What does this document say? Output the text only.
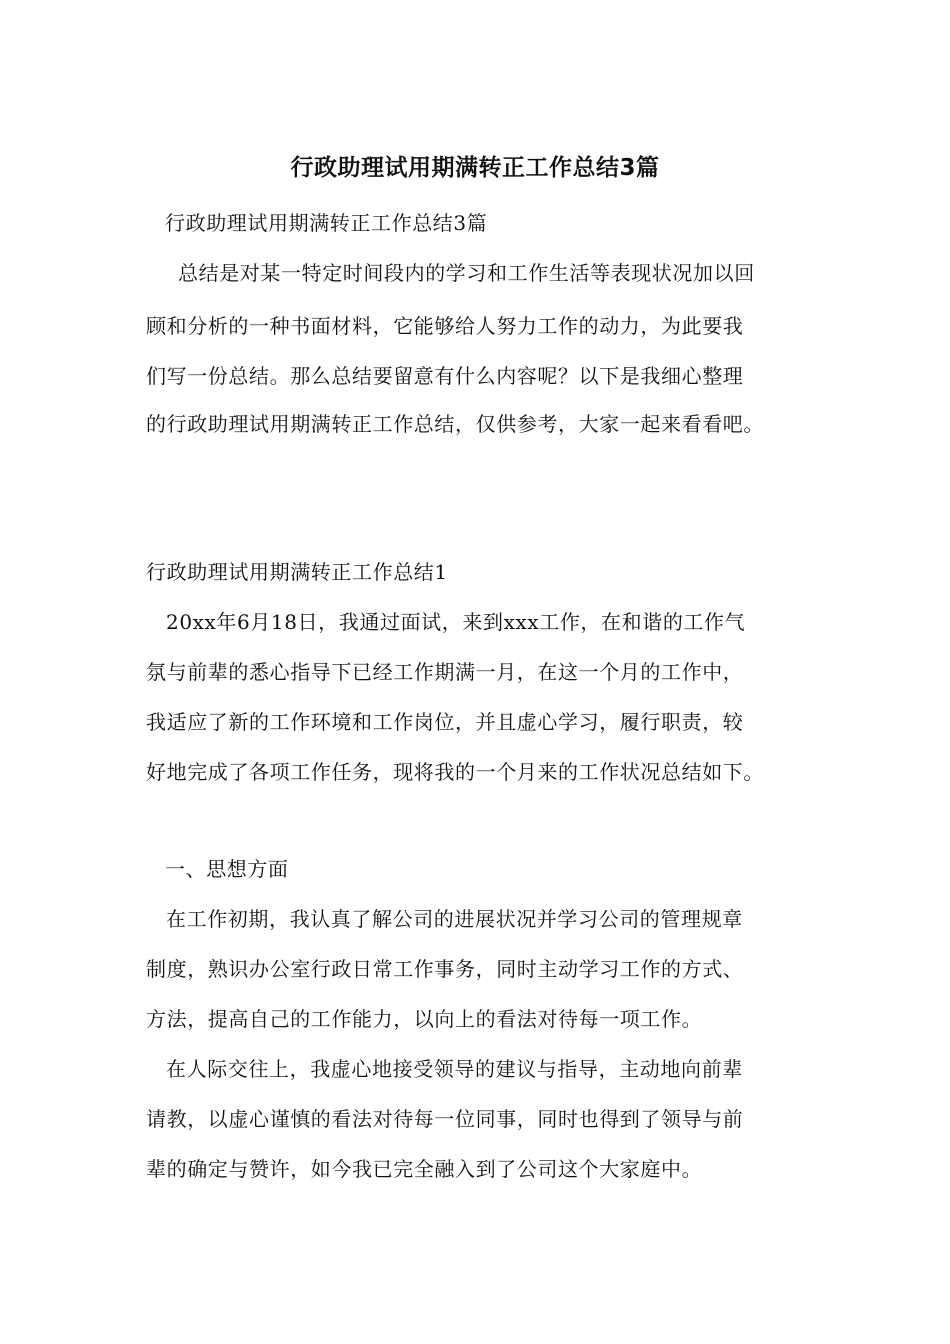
行政助理试用期满转正工作总结3篇
行政助理试用期满转正工作总结3篇
总结是对某一特定时间段内的学习和工作生活等表现状况加以回
顾和分析的一种书面材料，它能够给人努力工作的动力，为此要我
们写一份总结。那么总结要留意有什么内容呢？以下是我细心整理
的行政助理试用期满转正工作总结，仅供参考，大家一起来看看吧。
行政助理试用期满转正工作总结1
20xx年6月18日，我通过面试，来到xxx工作，在和谐的工作气
氛与前辈的悉心指导下已经工作期满一月，在这一个月的工作中，
我适应了新的工作环境和工作岗位，并且虚心学习，履行职责，较
好地完成了各项工作任务，现将我的一个月来的工作状况总结如下。
一、思想方面
在工作初期，我认真了解公司的进展状况并学习公司的管理规章
制度，熟识办公室行政日常工作事务，同时主动学习工作的方式、
方法，提高自己的工作能力，以向上的看法对待每一项工作。
在人际交往上，我虚心地接受领导的建议与指导，主动地向前辈
请教，以虚心谨慎的看法对待每一位同事，同时也得到了领导与前
辈的确定与赞许，如今我已完全融入到了公司这个大家庭中。
